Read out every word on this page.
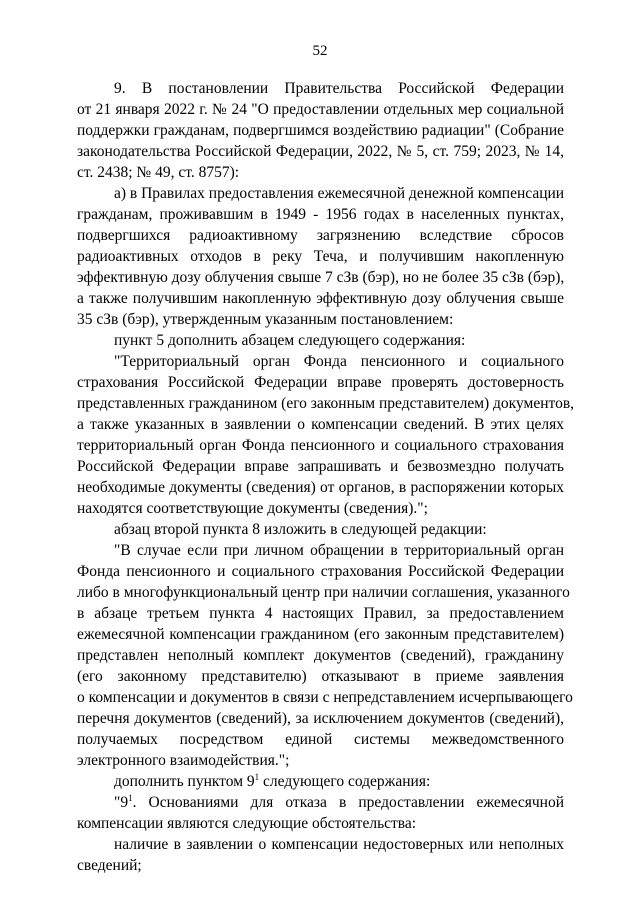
52
9. В постановлении Правительства Российской Федерации
от 21 января 2022 г. № 24 "О предоставлении отдельных мер социальной
поддержки гражданам, подвергшимся воздействию радиации" (Собрание
законодательства Российской Федерации, 2022, № 5, ст. 759; 2023, № 14,
ст. 2438; № 49, ст. 8757):
а) в Правилах предоставления ежемесячной денежной компенсации
гражданам, проживавшим в 1949 - 1956 годах в населенных пунктах,
подвергшихся радиоактивному загрязнению вследствие сбросов
радиоактивных отходов в реку Теча, и получившим накопленную
эффективную дозу облучения свыше 7 сЗв (бэр), но не более 35 сЗв (бэр),
а также получившим накопленную эффективную дозу облучения свыше
35 сЗв (бэр), утвержденным указанным постановлением:
пункт 5 дополнить абзацем следующего содержания:
"Территориальный орган Фонда пенсионного и социального
страхования Российской Федерации вправе проверять достоверность
представленных гражданином (его законным представителем) документов,
а также указанных в заявлении о компенсации сведений. В этих целях
территориальный орган Фонда пенсионного и социального страхования
Российской Федерации вправе запрашивать и безвозмездно получать
необходимые документы (сведения) от органов, в распоряжении которых
находятся соответствующие документы (сведения).";
абзац второй пункта 8 изложить в следующей редакции:
"В случае если при личном обращении в территориальный орган
Фонда пенсионного и социального страхования Российской Федерации
либо в многофункциональный центр при наличии соглашения, указанного
в абзаце третьем пункта 4 настоящих Правил, за предоставлением
ежемесячной компенсации гражданином (его законным представителем)
представлен неполный комплект документов (сведений), гражданину
(его законному представителю) отказывают в приеме заявления
о компенсации и документов в связи с непредставлением исчерпывающего
перечня документов (сведений), за исключением документов (сведений),
получаемых посредством единой системы межведомственного
электронного взаимодействия.";
дополнить пунктом $9^1$ следующего содержания:
"$9^1$. Основаниями для отказа в предоставлении ежемесячной
компенсации являются следующие обстоятельства:
наличие в заявлении о компенсации недостоверных или неполных
сведений;
